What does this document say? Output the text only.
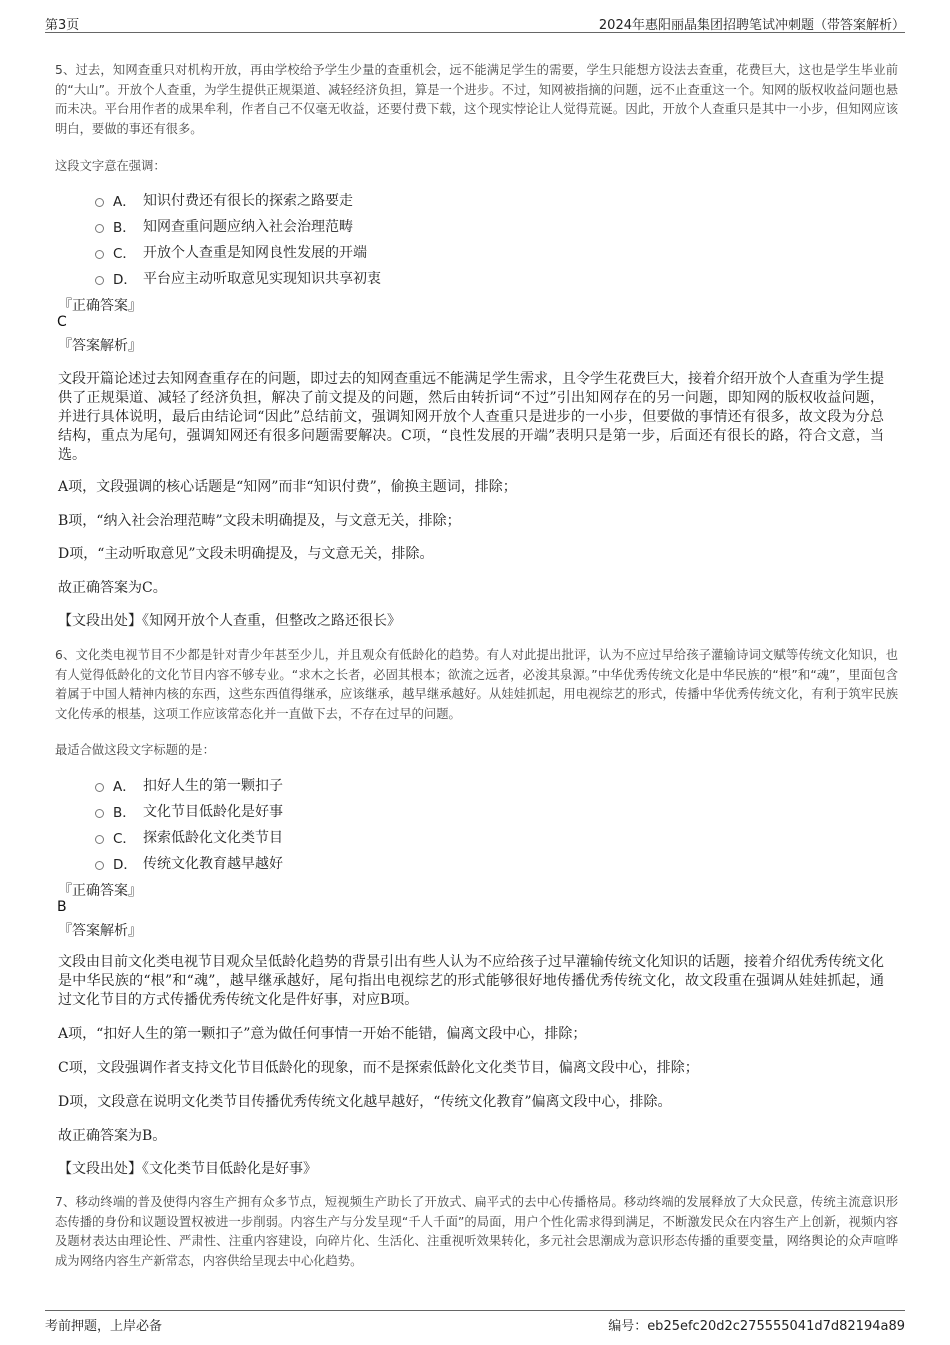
第3页	2024年惠阳丽晶集团招聘笔试冲刺题（带答案解析）
5、过去，知网查重只对机构开放，再由学校给予学生少量的查重机会，远不能满足学生的需要，学生只能想方设法去查重，花费巨大，这也是学生毕业前的“大山”。开放个人查重，为学生提供正规渠道、减轻经济负担，算是一个进步。不过，知网被指摘的问题，远不止查重这一个。知网的版权收益问题也悬而未决。平台用作者的成果牟利，作者自己不仅毫无收益，还要付费下载，这个现实悖论让人觉得荒诞。因此，开放个人查重只是其中一小步，但知网应该明白，要做的事还有很多。
这段文字意在强调：
A． 知识付费还有很长的探索之路要走
B． 知网查重问题应纳入社会治理范畴
C． 开放个人查重是知网良性发展的开端
D． 平台应主动听取意见实现知识共享初衷
『正确答案』
C
『答案解析』
文段开篇论述过去知网查重存在的问题，即过去的知网查重远不能满足学生需求，且令学生花费巨大，接着介绍开放个人查重为学生提供了正规渠道、减轻了经济负担，解决了前文提及的问题，然后由转折词“不过”引出知网存在的另一问题，即知网的版权收益问题，并进行具体说明，最后由结论词“因此”总结前文，强调知网开放个人查重只是进步的一小步，但要做的事情还有很多，故文段为分总结构，重点为尾句，强调知网还有很多问题需要解决。C项，“良性发展的开端”表明只是第一步，后面还有很长的路，符合文意，当选。
A项，文段强调的核心话题是“知网”而非“知识付费”，偷换主题词，排除；
B项，“纳入社会治理范畴”文段未明确提及，与文意无关，排除；
D项，“主动听取意见”文段未明确提及，与文意无关，排除。
故正确答案为C。
【文段出处】《知网开放个人查重，但整改之路还很长》
6、文化类电视节目不少都是针对青少年甚至少儿，并且观众有低龄化的趋势。有人对此提出批评，认为不应过早给孩子灌输诗词文赋等传统文化知识，也有人觉得低龄化的文化节目内容不够专业。“求木之长者，必固其根本；欲流之远者，必浚其泉源。”中华优秀传统文化是中华民族的“根”和“魂”，里面包含着属于中国人精神内核的东西，这些东西值得继承，应该继承，越早继承越好。从娃娃抓起，用电视综艺的形式，传播中华优秀传统文化，有利于筑牢民族文化传承的根基，这项工作应该常态化并一直做下去，不存在过早的问题。
最适合做这段文字标题的是：
A． 扣好人生的第一颗扣子
B． 文化节目低龄化是好事
C． 探索低龄化文化类节目
D． 传统文化教育越早越好
『正确答案』
B
『答案解析』
文段由目前文化类电视节目观众呈低龄化趋势的背景引出有些人认为不应给孩子过早灌输传统文化知识的话题，接着介绍优秀传统文化是中华民族的“根”和“魂”，越早继承越好，尾句指出电视综艺的形式能够很好地传播优秀传统文化，故文段重在强调从娃娃抓起，通过文化节目的方式传播优秀传统文化是件好事，对应B项。
A项，“扣好人生的第一颗扣子”意为做任何事情一开始不能错，偏离文段中心，排除；
C项，文段强调作者支持文化节目低龄化的现象，而不是探索低龄化文化类节目，偏离文段中心，排除；
D项，文段意在说明文化类节目传播优秀传统文化越早越好，“传统文化教育”偏离文段中心，排除。
故正确答案为B。
【文段出处】《文化类节目低龄化是好事》
7、移动终端的普及使得内容生产拥有众多节点，短视频生产助长了开放式、扁平式的去中心传播格局。移动终端的发展释放了大众民意，传统主流意识形态传播的身份和议题设置权被进一步削弱。内容生产与分发呈现“千人千面”的局面，用户个性化需求得到满足，不断激发民众在内容生产上创新，视频内容及题材表达由理论性、严肃性、注重内容建设，向碎片化、生活化、注重视听效果转化，多元社会思潮成为意识形态传播的重要变量，网络舆论的众声喧哗成为网络内容生产新常态，内容供给呈现去中心化趋势。
考前押题，上岸必备	编号：eb25efc20d2c275555041d7d82194a89
